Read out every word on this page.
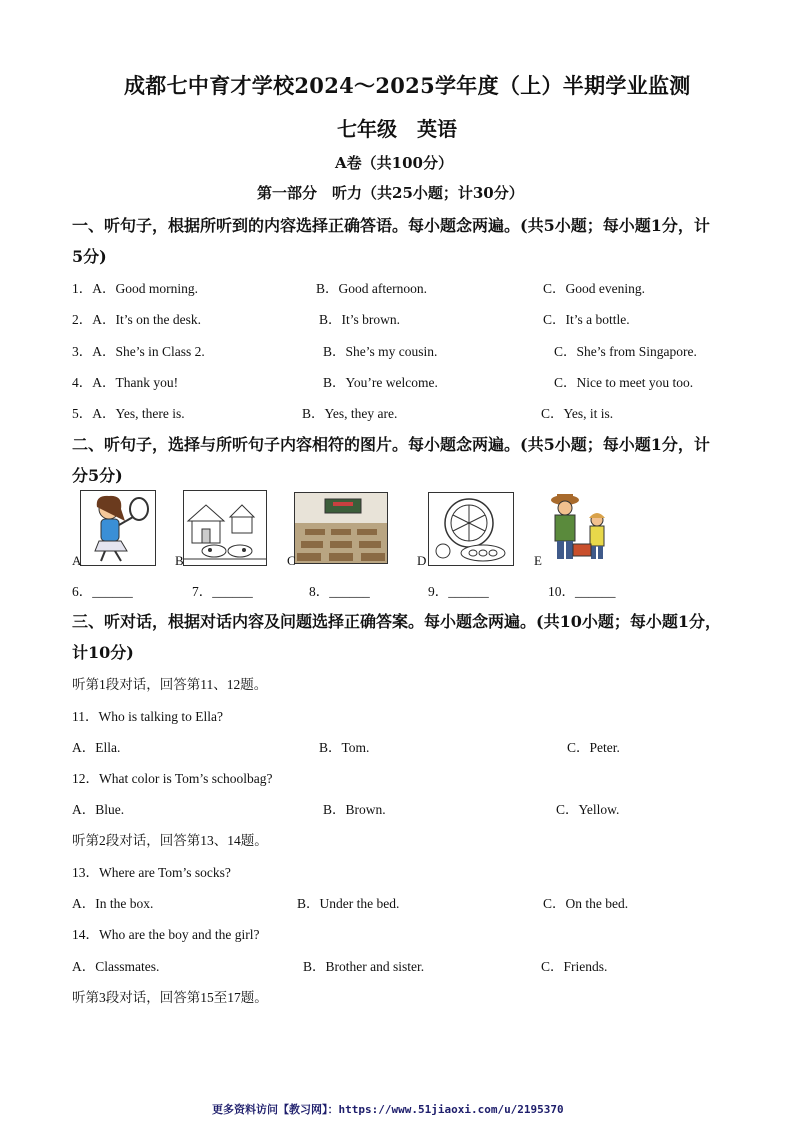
成都七中育才学校2024～2025学年度（上）半期学业监测
七年级　英语
A卷（共100分）
第一部分　听力（共25小题；计30分）
一、听句子，根据所听到的内容选择正确答语。每小题念两遍。(共5小题；每小题1分，计
5分)
1．A．Good morning.	B．Good afternoon.	C．Good evening.
2．A．It’s on the desk.	B．It’s brown.	C．It’s a bottle.
3．A．She’s in Class 2.	B．She’s my cousin.	C．She’s from Singapore.
4．A．Thank you!	B．You’re welcome.	C．Nice to meet you too.
5．A．Yes, there is.	B．Yes, they are.	C．Yes, it is.
二、听句子，选择与所听句子内容相符的图片。每小题念两遍。(共5小题；每小题1分，计
分5分)
A	B	C	D	E
6．______	7．______	8．______	9．______	10．______
三、听对话，根据对话内容及问题选择正确答案。每小题念两遍。(共10小题；每小题1分，
计10分)
听第1段对话，回答第11、12题。
11．Who is talking to Ella?
A．Ella.	B．Tom.	C．Peter.
12．What color is Tom’s schoolbag?
A．Blue.	B．Brown.	C．Yellow.
听第2段对话，回答第13、14题。
13．Where are Tom’s socks?
A．In the box.	B．Under the bed.	C．On the bed.
14．Who are the boy and the girl?
A．Classmates.	B．Brother and sister.	C．Friends.
听第3段对话，回答第15至17题。
更多资料访问【教习网】：https://www.51jiaoxi.com/u/2195370
